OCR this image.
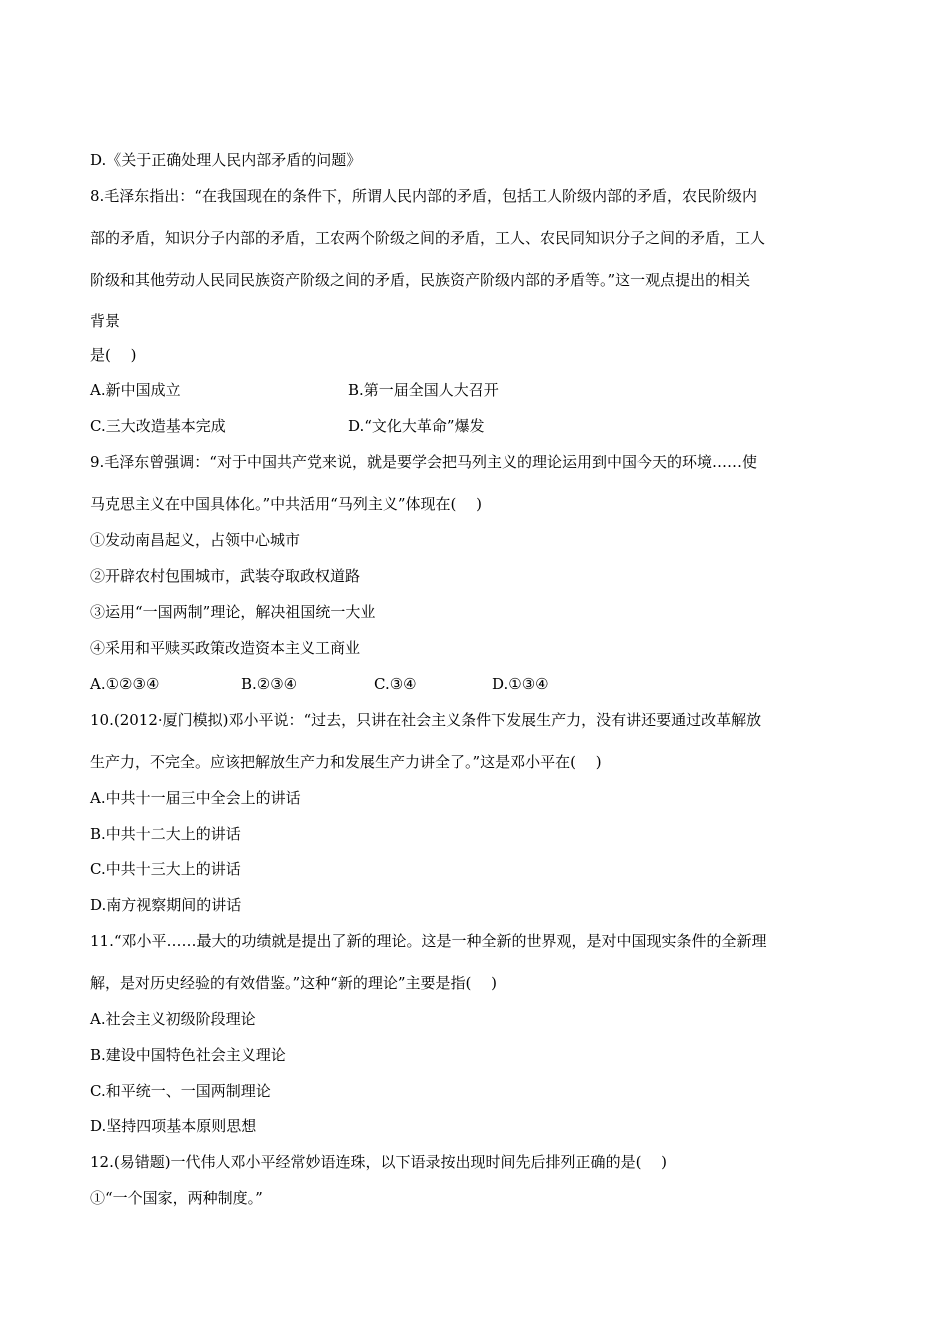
D.《关于正确处理人民内部矛盾的问题》
8.毛泽东指出：“在我国现在的条件下，所谓人民内部的矛盾，包括工人阶级内部的矛盾，农民阶级内
部的矛盾，知识分子内部的矛盾，工农两个阶级之间的矛盾，工人、农民同知识分子之间的矛盾，工人
阶级和其他劳动人民同民族资产阶级之间的矛盾，民族资产阶级内部的矛盾等。”这一观点提出的相关
背景
是(　 )
A.新中国成立	B.第一届全国人大召开
C.三大改造基本完成	D.“文化大革命”爆发
9.毛泽东曾强调：“对于中国共产党来说，就是要学会把马列主义的理论运用到中国今天的环境……使
马克思主义在中国具体化。”中共活用“马列主义”体现在(　 )
①发动南昌起义，占领中心城市
②开辟农村包围城市，武装夺取政权道路
③运用“一国两制”理论，解决祖国统一大业
④采用和平赎买政策改造资本主义工商业
A.①②③④	B.②③④	C.③④	D.①③④
10.(2012·厦门模拟)邓小平说：“过去，只讲在社会主义条件下发展生产力，没有讲还要通过改革解放
生产力，不完全。应该把解放生产力和发展生产力讲全了。”这是邓小平在(　 )
A.中共十一届三中全会上的讲话
B.中共十二大上的讲话
C.中共十三大上的讲话
D.南方视察期间的讲话
11.“邓小平……最大的功绩就是提出了新的理论。这是一种全新的世界观，是对中国现实条件的全新理
解，是对历史经验的有效借鉴。”这种“新的理论”主要是指(　 )
A.社会主义初级阶段理论
B.建设中国特色社会主义理论
C.和平统一、一国两制理论
D.坚持四项基本原则思想
12.(易错题)一代伟人邓小平经常妙语连珠，以下语录按出现时间先后排列正确的是(　 )
①“一个国家，两种制度。”
